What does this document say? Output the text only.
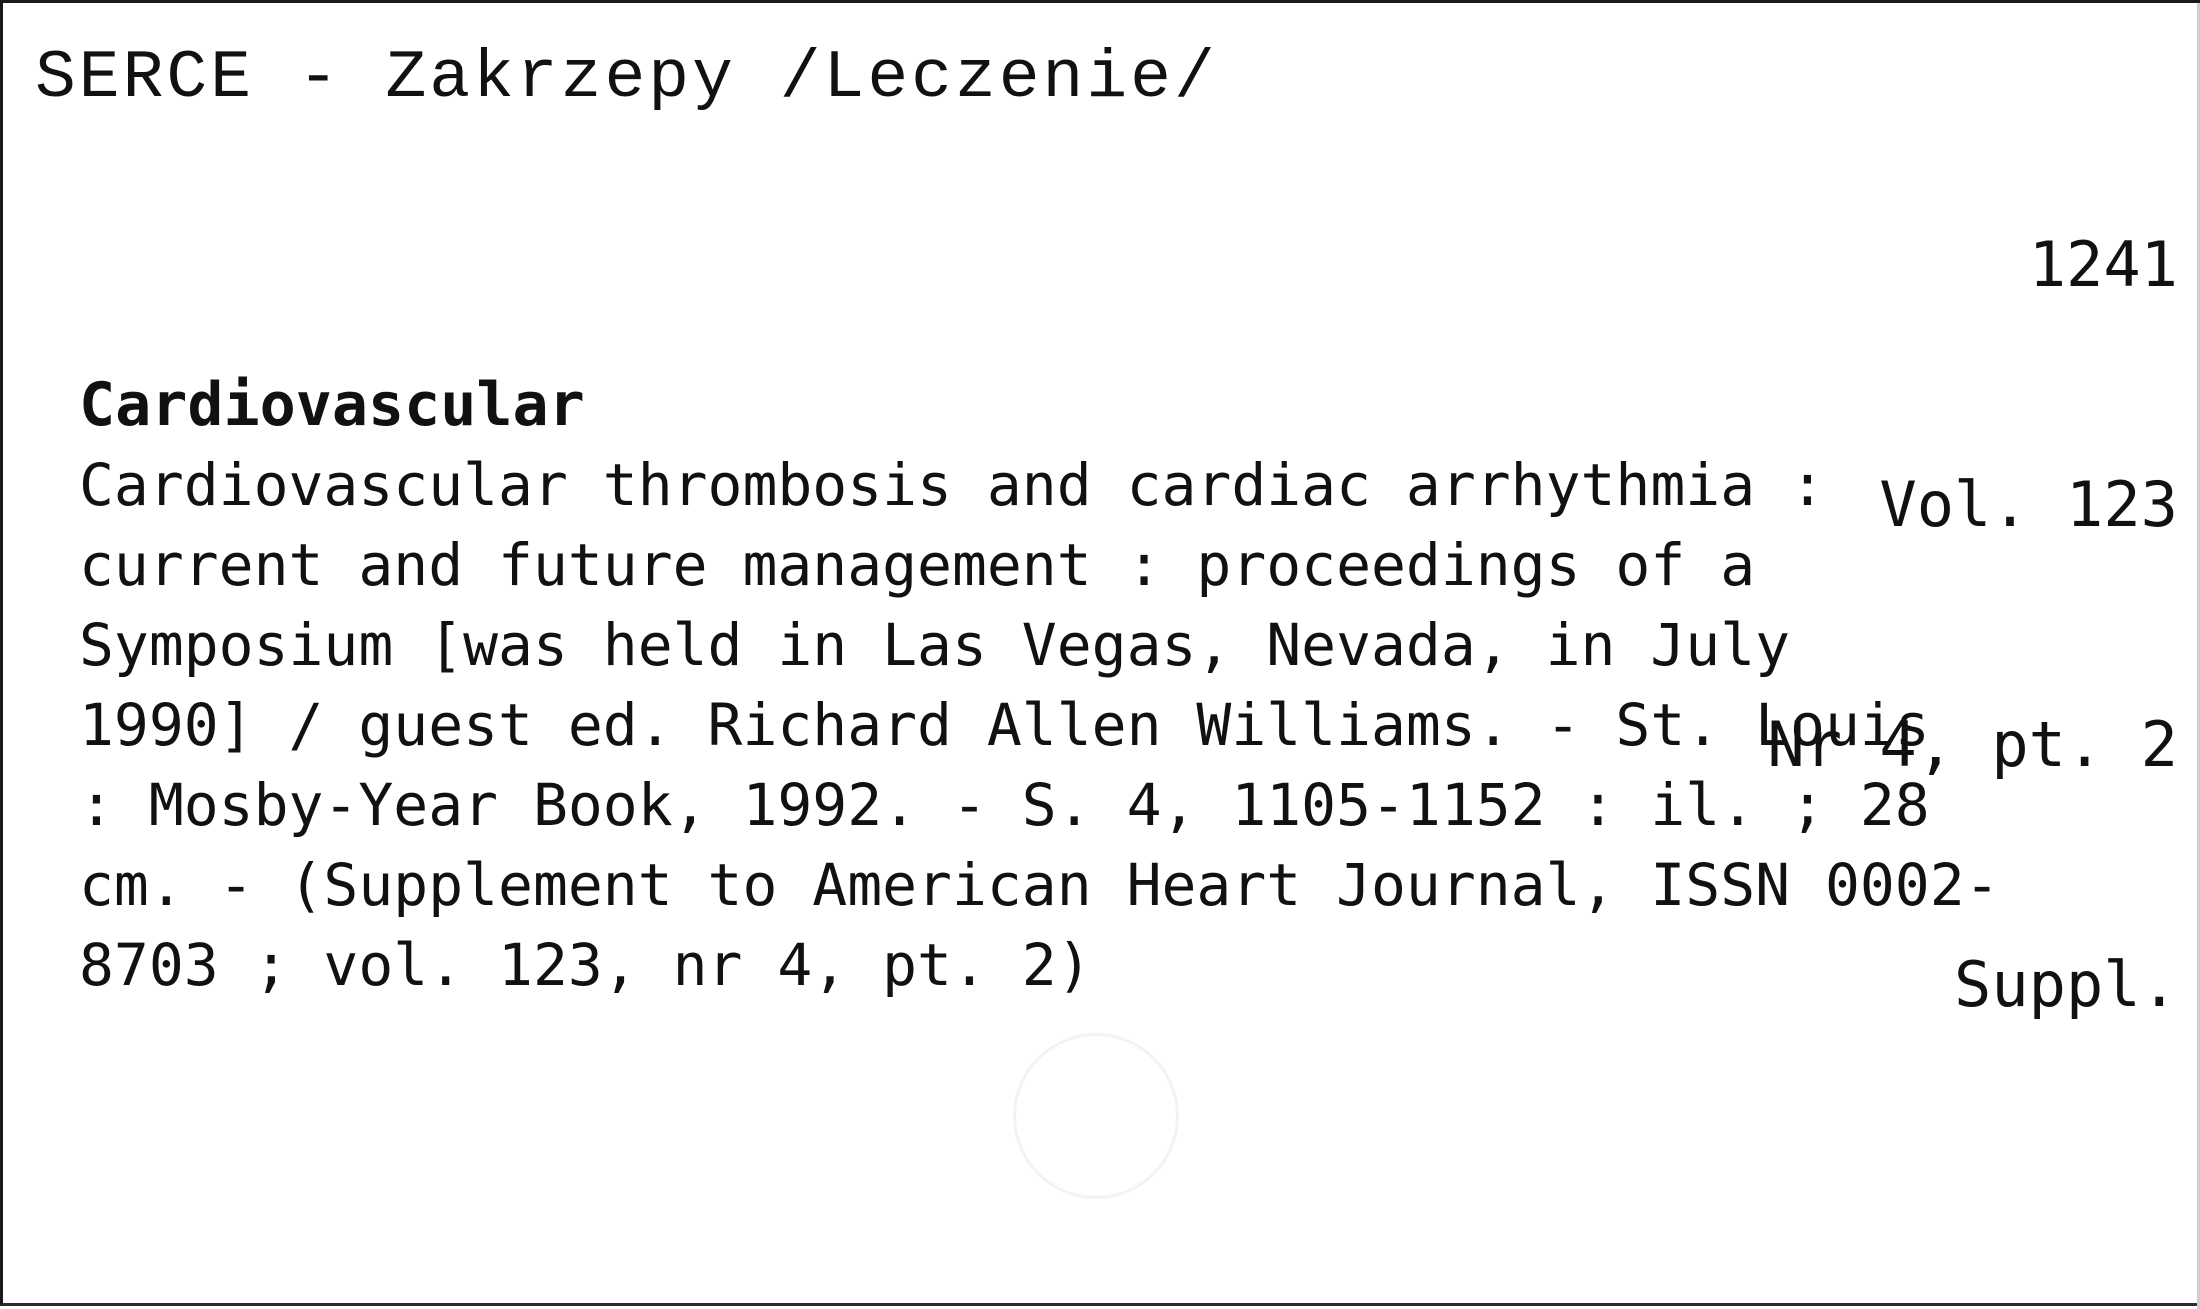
SERCE - Zakrzepy /Leczenie/

1241

Vol. 123

Nr 4, pt. 2

Suppl.

Cardiovascular
Cardiovascular thrombosis and cardiac arrhythmia :
current and future management : proceedings of a
Symposium [was held in Las Vegas, Nevada, in July
1990] / guest ed. Richard Allen Williams. - St. Louis
: Mosby-Year Book, 1992. - S. 4, 1105-1152 : il. ; 28
cm. - (Supplement to American Heart Journal, ISSN 0002-
8703 ; vol. 123, nr 4, pt. 2)
